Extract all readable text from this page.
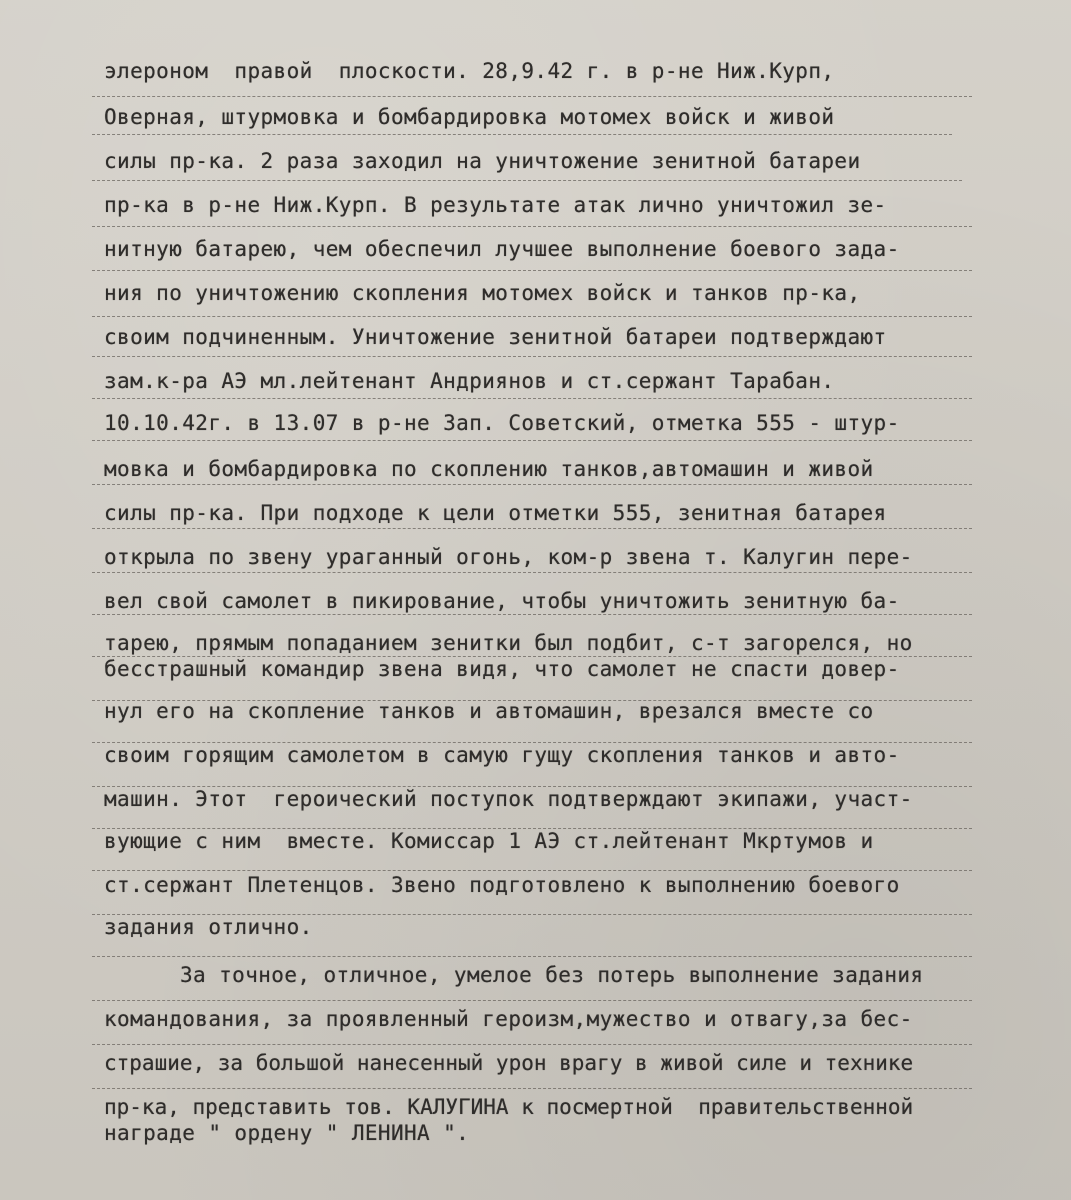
элероном  правой  плоскости. 28,9.42 г. в р-не Ниж.Курп,
Оверная, штурмовка и бомбардировка мотомех войск и живой
силы пр-ка. 2 раза заходил на уничтожение зенитной батареи
пр-ка в р-не Ниж.Курп. В результате атак лично уничтожил зе-
нитную батарею, чем обеспечил лучшее выполнение боевого зада-
ния по уничтожению скопления мотомех войск и танков пр-ка,
своим подчиненным. Уничтожение зенитной батареи подтверждают
зам.к-ра АЭ мл.лейтенант Андриянов и ст.сержант Тарабан.
10.10.42г. в 13.07 в р-не Зап. Советский, отметка 555 - штур-
мовка и бомбардировка по скоплению танков,автомашин и живой
силы пр-ка. При подходе к цели отметки 555, зенитная батарея
открыла по звену ураганный огонь, ком-р звена т. Калугин пере-
вел свой самолет в пикирование, чтобы уничтожить зенитную ба-
тарею, прямым попаданием зенитки был подбит, с-т загорелся, но
бесстрашный командир звена видя, что самолет не спасти довер-
нул его на скопление танков и автомашин, врезался вместе со
своим горящим самолетом в самую гущу скопления танков и авто-
машин. Этот  героический поступок подтверждают экипажи, участ-
вующие с ним  вместе. Комиссар 1 АЭ ст.лейтенант Мкртумов и
ст.сержант Плетенцов. Звено подготовлено к выполнению боевого
задания отлично.
За точное, отличное, умелое без потерь выполнение задания
командования, за проявленный героизм,мужество и отвагу,за бес-
страшие, за большой нанесенный урон врагу в живой силе и технике
пр-ка, представить тов. КАЛУГИНА к посмертной  правительственной
награде " ордену " ЛЕНИНА ".
